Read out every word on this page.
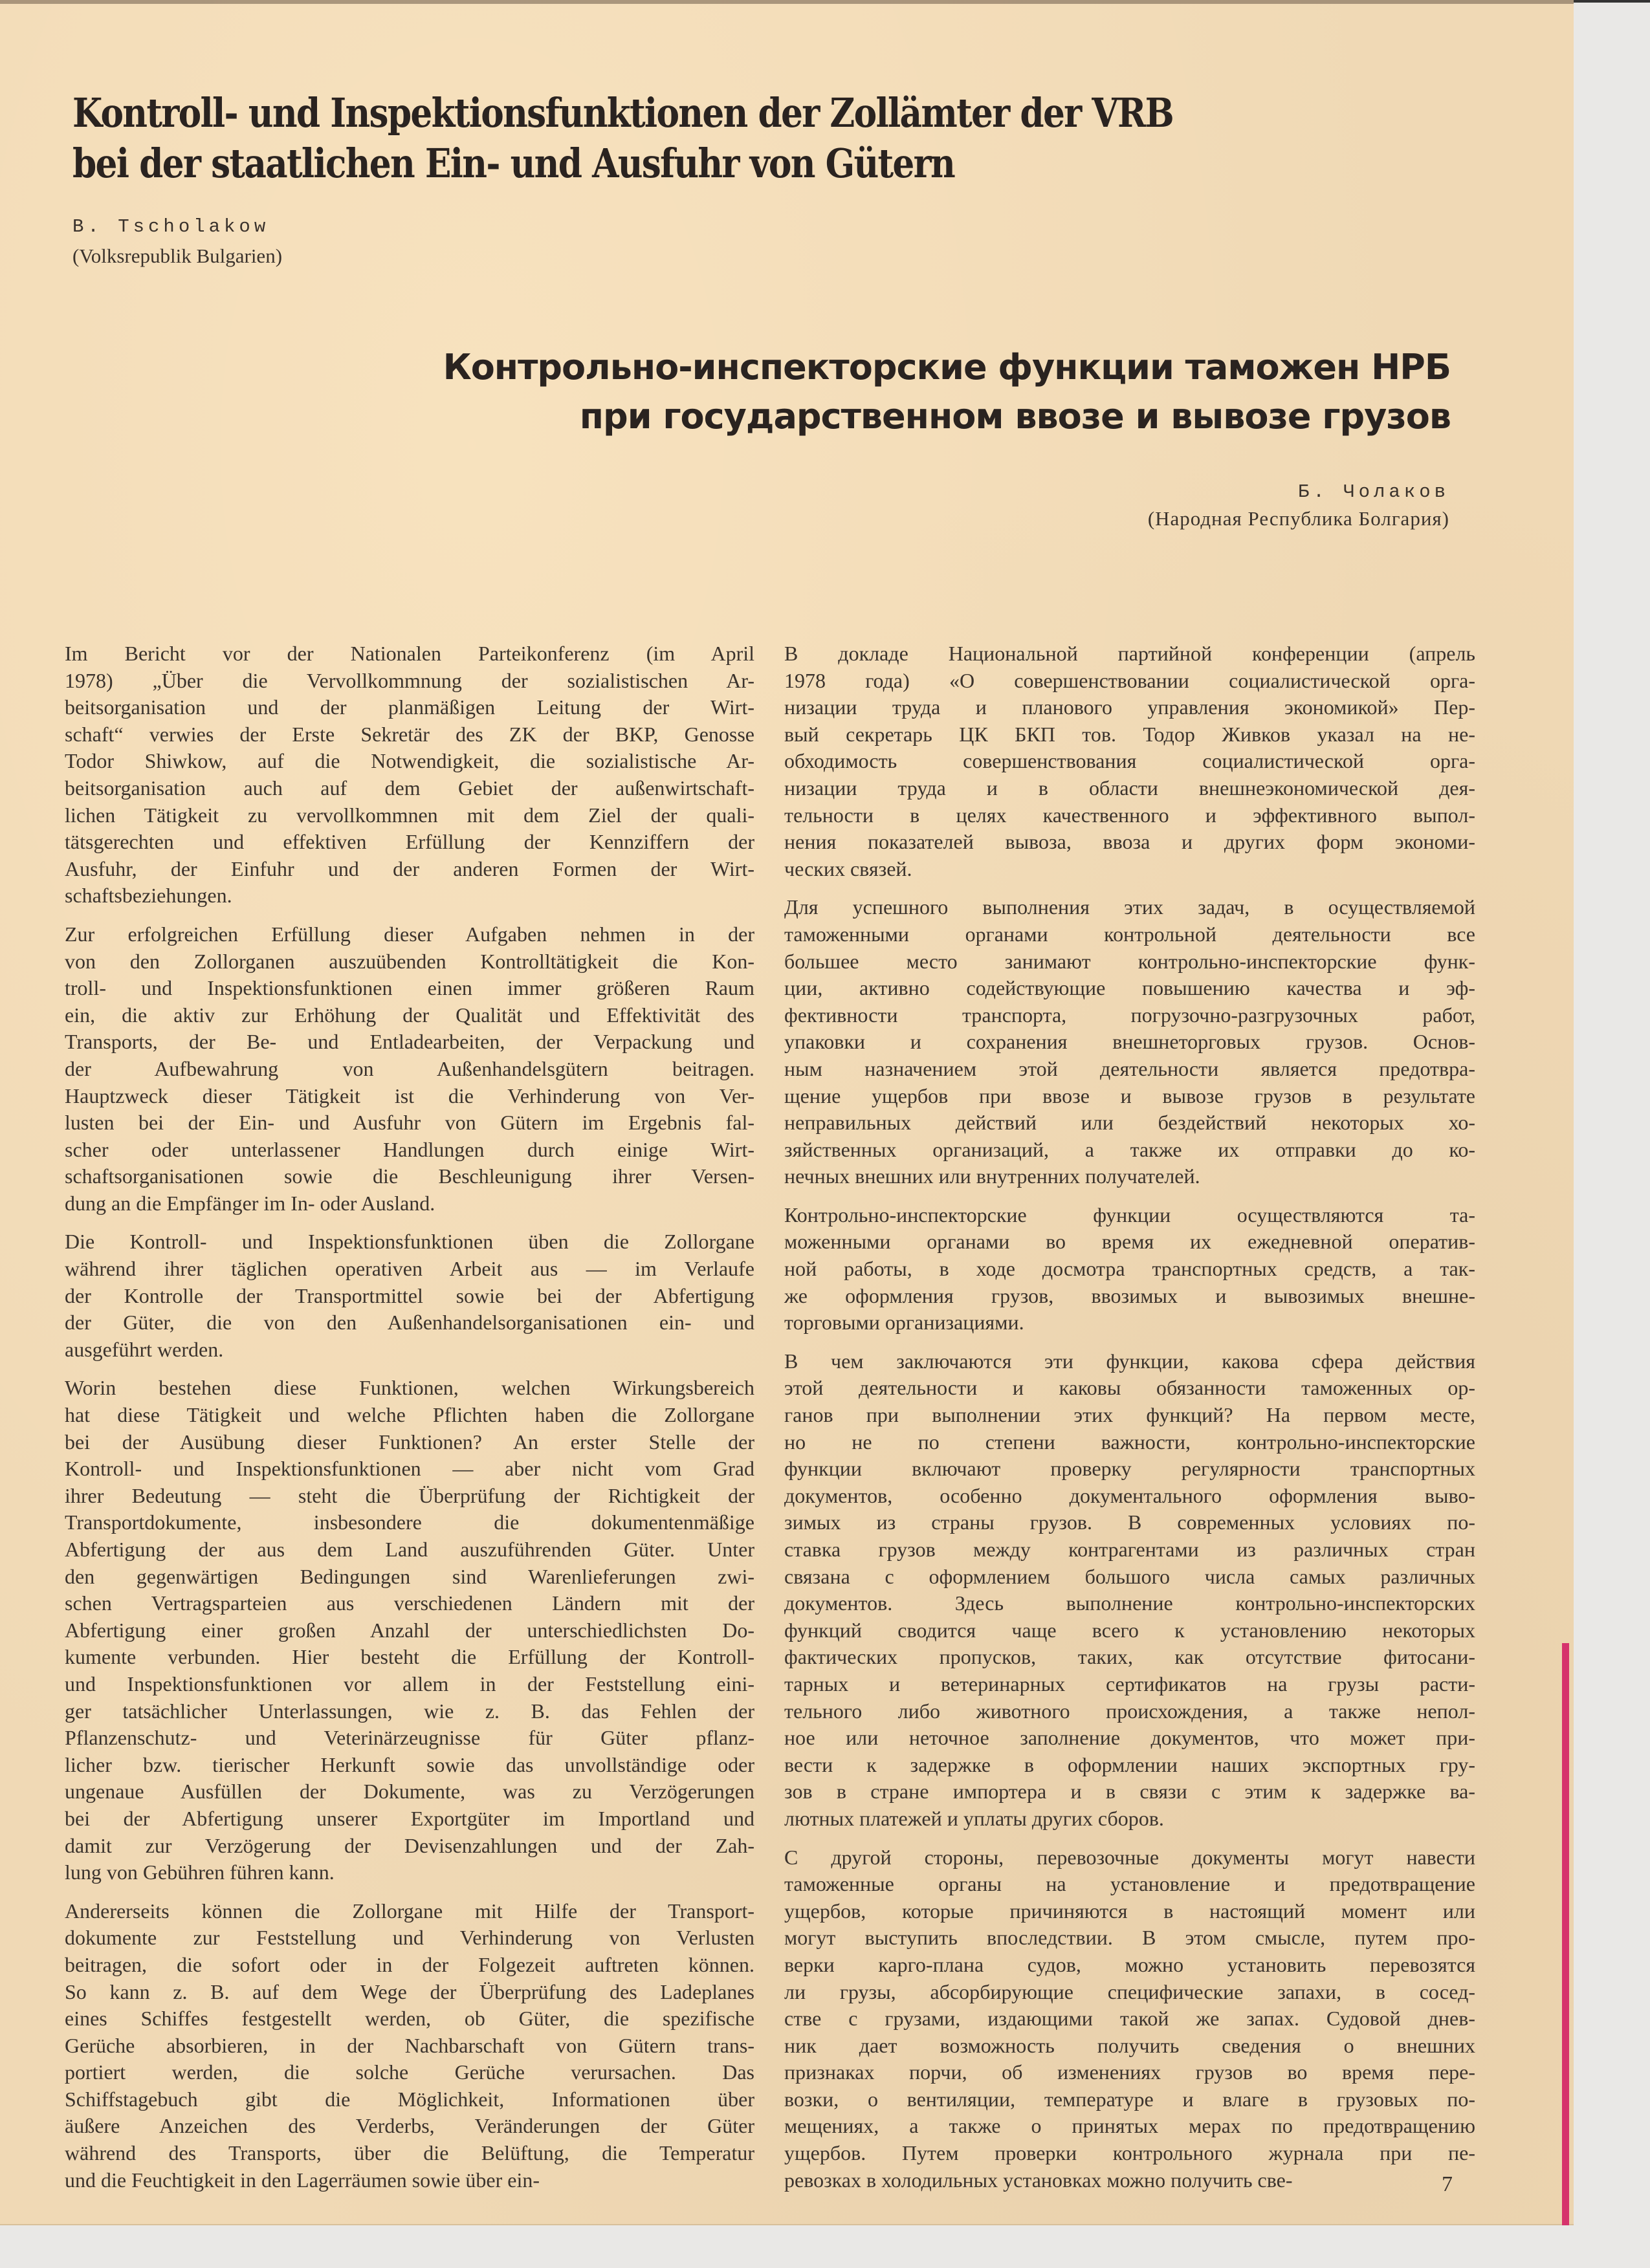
Kontroll- und Inspektionsfunktionen der Zollämter der VRB
bei der staatlichen Ein- und Ausfuhr von Gütern
B. Tscholakow
(Volksrepublik Bulgarien)
Контрольно-инспекторские функции таможен НРБ
при государственном ввозе и вывозе грузов
Б. Чолаков
(Народная Республика Болгария)
Im Bericht vor der Nationalen Parteikonferenz (im April
1978) „Über die Vervollkommnung der sozialistischen Ar-
beitsorganisation und der planmäßigen Leitung der Wirt-
schaft“ verwies der Erste Sekretär des ZK der BKP, Genosse
Todor Shiwkow, auf die Notwendigkeit, die sozialistische Ar-
beitsorganisation auch auf dem Gebiet der außenwirtschaft-
lichen Tätigkeit zu vervollkommnen mit dem Ziel der quali-
tätsgerechten und effektiven Erfüllung der Kennziffern der
Ausfuhr, der Einfuhr und der anderen Formen der Wirt-
schaftsbeziehungen.
Zur erfolgreichen Erfüllung dieser Aufgaben nehmen in der
von den Zollorganen auszuübenden Kontrolltätigkeit die Kon-
troll- und Inspektionsfunktionen einen immer größeren Raum
ein, die aktiv zur Erhöhung der Qualität und Effektivität des
Transports, der Be- und Entladearbeiten, der Verpackung und
der Aufbewahrung von Außenhandelsgütern beitragen.
Hauptzweck dieser Tätigkeit ist die Verhinderung von Ver-
lusten bei der Ein- und Ausfuhr von Gütern im Ergebnis fal-
scher oder unterlassener Handlungen durch einige Wirt-
schaftsorganisationen sowie die Beschleunigung ihrer Versen-
dung an die Empfänger im In- oder Ausland.
Die Kontroll- und Inspektionsfunktionen üben die Zollorgane
während ihrer täglichen operativen Arbeit aus — im Verlaufe
der Kontrolle der Transportmittel sowie bei der Abfertigung
der Güter, die von den Außenhandelsorganisationen ein- und
ausgeführt werden.
Worin bestehen diese Funktionen, welchen Wirkungsbereich
hat diese Tätigkeit und welche Pflichten haben die Zollorgane
bei der Ausübung dieser Funktionen? An erster Stelle der
Kontroll- und Inspektionsfunktionen — aber nicht vom Grad
ihrer Bedeutung — steht die Überprüfung der Richtigkeit der
Transportdokumente, insbesondere die dokumentenmäßige
Abfertigung der aus dem Land auszuführenden Güter. Unter
den gegenwärtigen Bedingungen sind Warenlieferungen zwi-
schen Vertragsparteien aus verschiedenen Ländern mit der
Abfertigung einer großen Anzahl der unterschiedlichsten Do-
kumente verbunden. Hier besteht die Erfüllung der Kontroll-
und Inspektionsfunktionen vor allem in der Feststellung eini-
ger tatsächlicher Unterlassungen, wie z. B. das Fehlen der
Pflanzenschutz- und Veterinärzeugnisse für Güter pflanz-
licher bzw. tierischer Herkunft sowie das unvollständige oder
ungenaue Ausfüllen der Dokumente, was zu Verzögerungen
bei der Abfertigung unserer Exportgüter im Importland und
damit zur Verzögerung der Devisenzahlungen und der Zah-
lung von Gebühren führen kann.
Andererseits können die Zollorgane mit Hilfe der Transport-
dokumente zur Feststellung und Verhinderung von Verlusten
beitragen, die sofort oder in der Folgezeit auftreten können.
So kann z. B. auf dem Wege der Überprüfung des Ladeplanes
eines Schiffes festgestellt werden, ob Güter, die spezifische
Gerüche absorbieren, in der Nachbarschaft von Gütern trans-
portiert werden, die solche Gerüche verursachen. Das
Schiffstagebuch gibt die Möglichkeit, Informationen über
äußere Anzeichen des Verderbs, Veränderungen der Güter
während des Transports, über die Belüftung, die Temperatur
und die Feuchtigkeit in den Lagerräumen sowie über ein-
В докладе Национальной партийной конференции (апрель
1978 года) «О совершенствовании социалистической орга-
низации труда и планового управления экономикой» Пер-
вый секретарь ЦК БКП тов. Тодор Живков указал на не-
обходимость совершенствования социалистической орга-
низации труда и в области внешнеэкономической дея-
тельности в целях качественного и эффективного выпол-
нения показателей вывоза, ввоза и других форм экономи-
ческих связей.
Для успешного выполнения этих задач, в осуществляемой
таможенными органами контрольной деятельности все
большее место занимают контрольно-инспекторские функ-
ции, активно содействующие повышению качества и эф-
фективности транспорта, погрузочно-разгрузочных работ,
упаковки и сохранения внешнеторговых грузов. Основ-
ным назначением этой деятельности является предотвра-
щение ущербов при ввозе и вывозе грузов в результате
неправильных действий или бездействий некоторых хо-
зяйственных организаций, а также их отправки до ко-
нечных внешних или внутренних получателей.
Контрольно-инспекторские функции осуществляются та-
моженными органами во время их ежедневной оператив-
ной работы, в ходе досмотра транспортных средств, а так-
же оформления грузов, ввозимых и вывозимых внешне-
торговыми организациями.
В чем заключаются эти функции, какова сфера действия
этой деятельности и каковы обязанности таможенных ор-
ганов при выполнении этих функций? На первом месте,
но не по степени важности, контрольно-инспекторские
функции включают проверку регулярности транспортных
документов, особенно документального оформления выво-
зимых из страны грузов. В современных условиях по-
ставка грузов между контрагентами из различных стран
связана с оформлением большого числа самых различных
документов. Здесь выполнение контрольно-инспекторских
функций сводится чаще всего к установлению некоторых
фактических пропусков, таких, как отсутствие фитосани-
тарных и ветеринарных сертификатов на грузы расти-
тельного либо животного происхождения, а также непол-
ное или неточное заполнение документов, что может при-
вести к задержке в оформлении наших экспортных гру-
зов в стране импортера и в связи с этим к задержке ва-
лютных платежей и уплаты других сборов.
С другой стороны, перевозочные документы могут навести
таможенные органы на установление и предотвращение
ущербов, которые причиняются в настоящий момент или
могут выступить впоследствии. В этом смысле, путем про-
верки карго-плана судов, можно установить перевозятся
ли грузы, абсорбирующие специфические запахи, в сосед-
стве с грузами, издающими такой же запах. Судовой днев-
ник дает возможность получить сведения о внешних
признаках порчи, об изменениях грузов во время пере-
возки, о вентиляции, температуре и влаге в грузовых по-
мещениях, а также о принятых мерах по предотвращению
ущербов. Путем проверки контрольного журнала при пе-
ревозках в холодильных установках можно получить све-	7
